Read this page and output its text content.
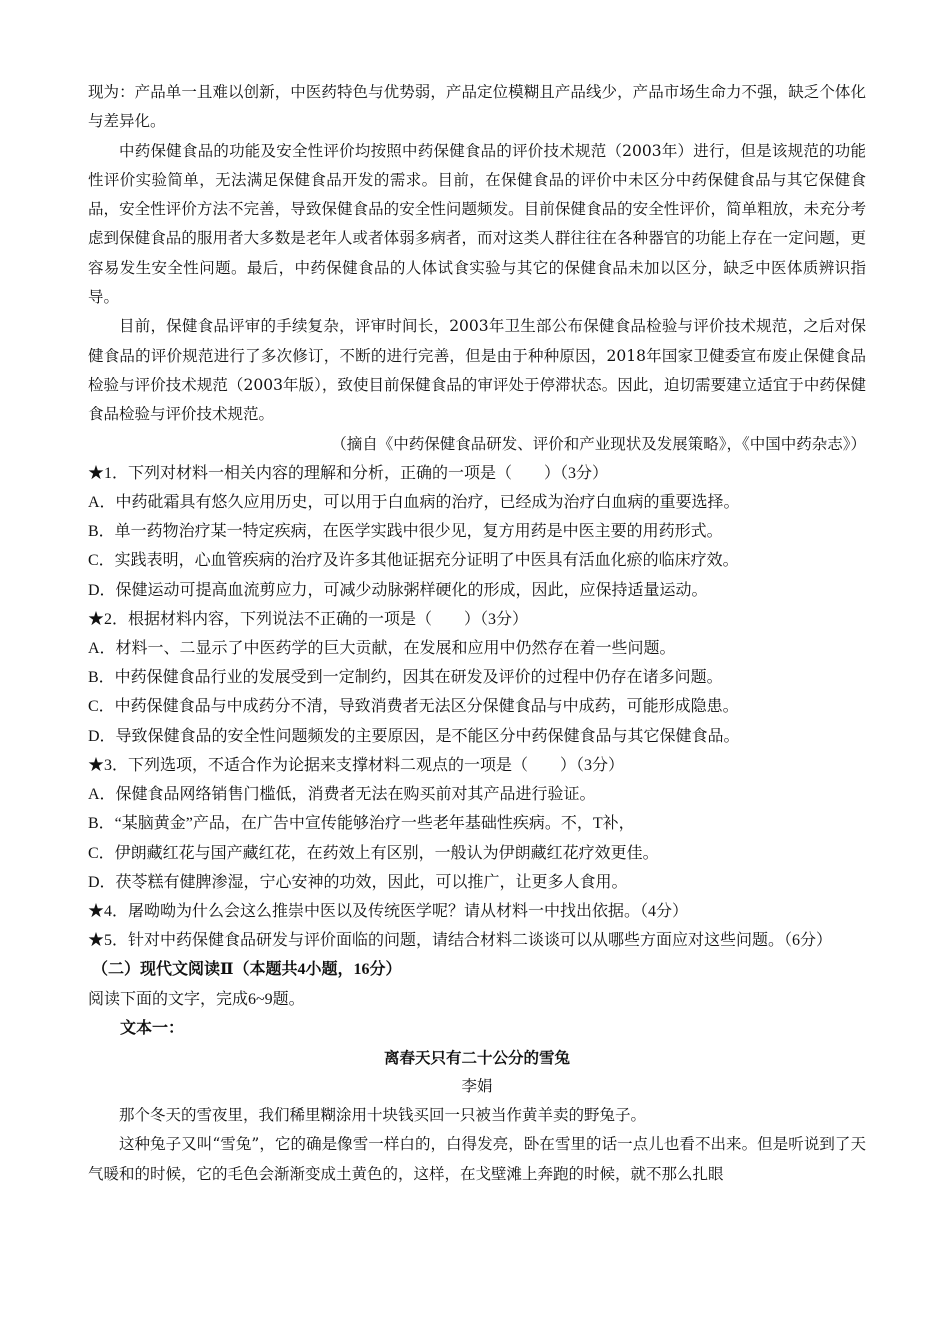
现为：产品单一且难以创新，中医药特色与优势弱，产品定位模糊且产品线少，产品市场生命力不强，缺乏个体化与差异化。

中药保健食品的功能及安全性评价均按照中药保健食品的评价技术规范（2003年）进行，但是该规范的功能性评价实验简单，无法满足保健食品开发的需求。目前，在保健食品的评价中未区分中药保健食品与其它保健食品，安全性评价方法不完善，导致保健食品的安全性问题频发。目前保健食品的安全性评价，简单粗放，未充分考虑到保健食品的服用者大多数是老年人或者体弱多病者，而对这类人群往往在各种器官的功能上存在一定问题，更容易发生安全性问题。最后，中药保健食品的人体试食实验与其它的保健食品未加以区分，缺乏中医体质辨识指导。

目前，保健食品评审的手续复杂，评审时间长，2003年卫生部公布保健食品检验与评价技术规范，之后对保健食品的评价规范进行了多次修订，不断的进行完善，但是由于种种原因，2018年国家卫健委宣布废止保健食品检验与评价技术规范（2003年版），致使目前保健食品的审评处于停滞状态。因此，迫切需要建立适宜于中药保健食品检验与评价技术规范。

（摘自《中药保健食品研发、评价和产业现状及发展策略》，《中国中药杂志》）

★1．下列对材料一相关内容的理解和分析，正确的一项是（　　）（3分）

A．中药砒霜具有悠久应用历史，可以用于白血病的治疗，已经成为治疗白血病的重要选择。

B．单一药物治疗某一特定疾病，在医学实践中很少见，复方用药是中医主要的用药形式。

C．实践表明，心血管疾病的治疗及许多其他证据充分证明了中医具有活血化瘀的临床疗效。

D．保健运动可提高血流剪应力，可减少动脉粥样硬化的形成，因此，应保持适量运动。

★2．根据材料内容，下列说法不正确的一项是（　　）（3分）

A．材料一、二显示了中医药学的巨大贡献，在发展和应用中仍然存在着一些问题。

B．中药保健食品行业的发展受到一定制约，因其在研发及评价的过程中仍存在诸多问题。

C．中药保健食品与中成药分不清，导致消费者无法区分保健食品与中成药，可能形成隐患。

D．导致保健食品的安全性问题频发的主要原因，是不能区分中药保健食品与其它保健食品。

★3．下列选项，不适合作为论据来支撑材料二观点的一项是（　　）（3分）

A．保健食品网络销售门槛低，消费者无法在购买前对其产品进行验证。

B．“某脑黄金”产品，在广告中宣传能够治疗一些老年基础性疾病。不，T补，

C．伊朗藏红花与国产藏红花，在药效上有区别，一般认为伊朗藏红花疗效更佳。

D．茯苓糕有健脾渗湿，宁心安神的功效，因此，可以推广，让更多人食用。

★4．屠呦呦为什么会这么推崇中医以及传统医学呢？请从材料一中找出依据。（4分）

★5．针对中药保健食品研发与评价面临的问题，请结合材料二谈谈可以从哪些方面应对这些问题。（6分）

（二）现代文阅读Ⅱ（本题共4小题，16分）

阅读下面的文字，完成6~9题。

文本一：

离春天只有二十公分的雪兔

李娟

那个冬天的雪夜里，我们稀里糊涂用十块钱买回一只被当作黄羊卖的野兔子。

这种兔子又叫“雪兔”，它的确是像雪一样白的，白得发亮，卧在雪里的话一点儿也看不出来。但是听说到了天气暖和的时候，它的毛色会渐渐变成土黄色的，这样，在戈壁滩上奔跑的时候，就不那么扎眼
